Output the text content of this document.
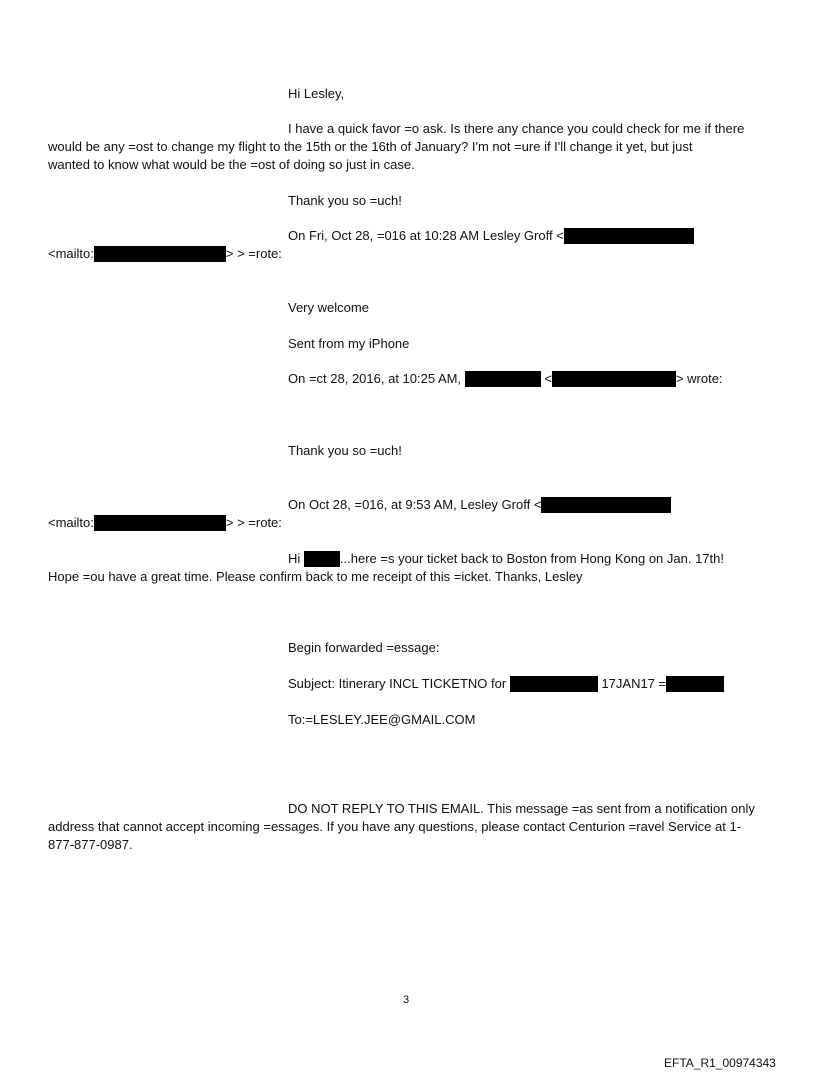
Hi Lesley,
I have a quick favor =o ask. Is there any chance you could check for me if there
would be any =ost to change my flight to the 15th or the 16th of January? I'm not =ure if I'll change it yet, but just
wanted to know what would be the =ost of doing so just in case.
Thank you so =uch!
On Fri, Oct 28, =016 at 10:28 AM Lesley Groff <
<mailto:	> > =rote:
Very welcome
Sent from my iPhone
On =ct 28, 2016, at 10:25 AM,	<	> wrote:
Thank you so =uch!
On Oct 28, =016, at 9:53 AM, Lesley Groff <
<mailto:	> > =rote:
Hi	...here =s your ticket back to Boston from Hong Kong on Jan. 17th!
Hope =ou have a great time. Please confirm back to me receipt of this =icket. Thanks, Lesley
Begin forwarded =essage:
Subject: Itinerary INCL TICKETNO for	17JAN17 =
To:=LESLEY.JEE@GMAIL.COM
DO NOT REPLY TO THIS EMAIL. This message =as sent from a notification only
address that cannot accept incoming =essages. If you have any questions, please contact Centurion =ravel Service at 1-
877-877-0987.
3
EFTA_R1_00974343
